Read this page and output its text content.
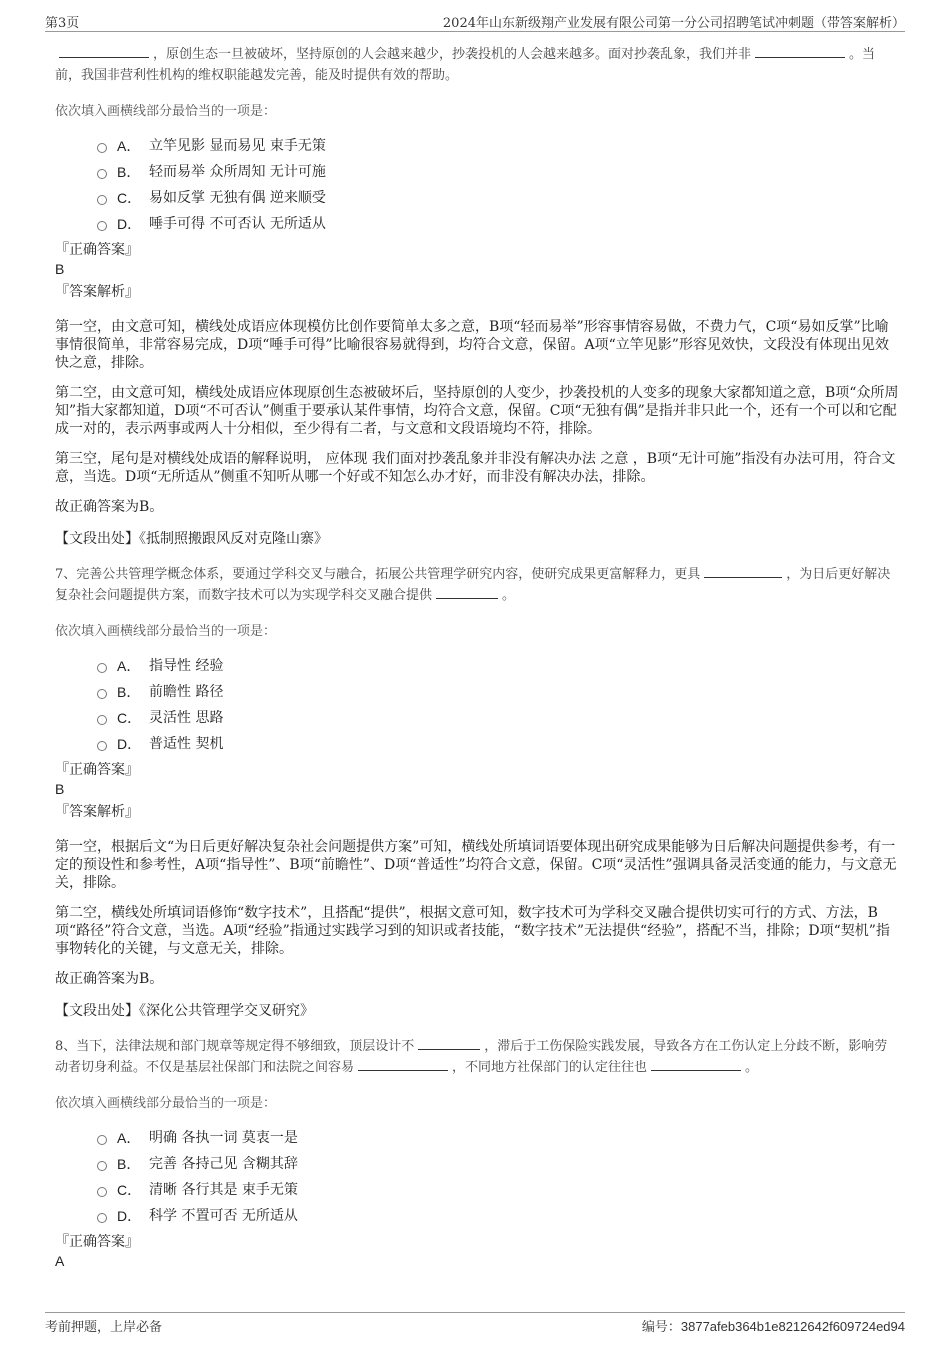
第3页	2024年山东新级翔产业发展有限公司第一分公司招聘笔试冲刺题（带答案解析）
，原创生态一旦被破坏，坚持原创的人会越来越少，抄袭投机的人会越来越多。面对抄袭乱象，我们并非	。当前，我国非营利性机构的维权职能越发完善，能及时提供有效的帮助。
依次填入画横线部分最恰当的一项是：
A． 立竿见影 显而易见 束手无策
B． 轻而易举 众所周知 无计可施
C． 易如反掌 无独有偶 逆来顺受
D． 唾手可得 不可否认 无所适从
『正确答案』
B
『答案解析』
第一空，由文意可知，横线处成语应体现模仿比创作要简单太多之意，B项“轻而易举”形容事情容易做，不费力气，C项“易如反掌”比喻事情很简单，非常容易完成，D项“唾手可得”比喻很容易就得到，均符合文意，保留。A项“立竿见影”形容见效快，文段没有体现出见效快之意，排除。
第二空，由文意可知，横线处成语应体现原创生态被破坏后，坚持原创的人变少，抄袭投机的人变多的现象大家都知道之意，B项“众所周知”指大家都知道，D项“不可否认”侧重于要承认某件事情，均符合文意，保留。C项“无独有偶”是指并非只此一个，还有一个可以和它配成一对的，表示两事或两人十分相似，至少得有二者，与文意和文段语境均不符，排除。
第三空，尾句是对横线处成语的解释说明， 应体现 我们面对抄袭乱象并非没有解决办法 之意 ，B项“无计可施”指没有办法可用，符合文意，当选。D项“无所适从”侧重不知听从哪一个好或不知怎么办才好，而非没有解决办法，排除。
故正确答案为B。
【文段出处】《抵制照搬跟风反对克隆山寨》
7、完善公共管理学概念体系，要通过学科交叉与融合，拓展公共管理学研究内容，使研究成果更富解释力，更具	，为日后更好解决复杂社会问题提供方案，而数字技术可以为实现学科交叉融合提供	。
依次填入画横线部分最恰当的一项是：
A． 指导性 经验
B． 前瞻性 路径
C． 灵活性 思路
D． 普适性 契机
『正确答案』
B
『答案解析』
第一空，根据后文“为日后更好解决复杂社会问题提供方案”可知，横线处所填词语要体现出研究成果能够为日后解决问题提供参考，有一定的预设性和参考性，A项“指导性”、B项“前瞻性”、D项“普适性”均符合文意，保留。C项“灵活性”强调具备灵活变通的能力，与文意无关，排除。
第二空，横线处所填词语修饰“数字技术”，且搭配“提供”，根据文意可知，数字技术可为学科交叉融合提供切实可行的方式、方法，B项“路径”符合文意，当选。A项“经验”指通过实践学习到的知识或者技能，“数字技术”无法提供“经验”，搭配不当，排除；D项“契机”指事物转化的关键，与文意无关，排除。
故正确答案为B。
【文段出处】《深化公共管理学交叉研究》
8、当下，法律法规和部门规章等规定得不够细致，顶层设计不	，滞后于工伤保险实践发展，导致各方在工伤认定上分歧不断，影响劳动者切身利益。不仅是基层社保部门和法院之间容易	，不同地方社保部门的认定往往也	。
依次填入画横线部分最恰当的一项是：
A． 明确 各执一词 莫衷一是
B． 完善 各持己见 含糊其辞
C． 清晰 各行其是 束手无策
D． 科学 不置可否 无所适从
『正确答案』
A
考前押题，上岸必备	编号：3877afeb364b1e8212642f609724ed94
